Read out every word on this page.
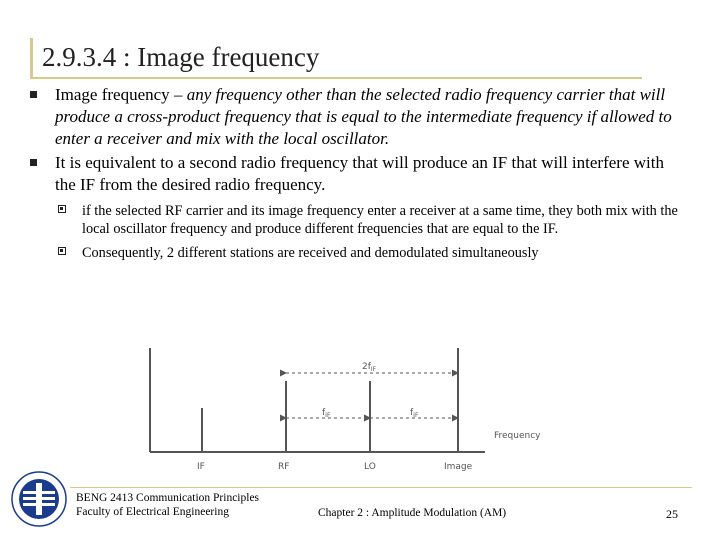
2.9.3.4 : Image frequency
Image frequency – any frequency other than the selected radio frequency carrier that will produce a cross-product frequency that is equal to the intermediate frequency if allowed to enter a receiver and mix with the local oscillator.
It is equivalent to a second radio frequency that will produce an IF that will interfere with the IF from the desired radio frequency.
if the selected RF carrier and its image frequency enter a receiver at a same time, they both mix with the local oscillator frequency and produce different frequencies that are equal to the IF.
Consequently, 2 different stations are received and demodulated simultaneously
$2f_{IF}$
$f_{IF}$	$f_{IF}$
Frequency
IF	RF	LO	Image
BENG 2413 Communication Principles
Faculty of Electrical Engineering	Chapter 2 : Amplitude Modulation (AM)	25
